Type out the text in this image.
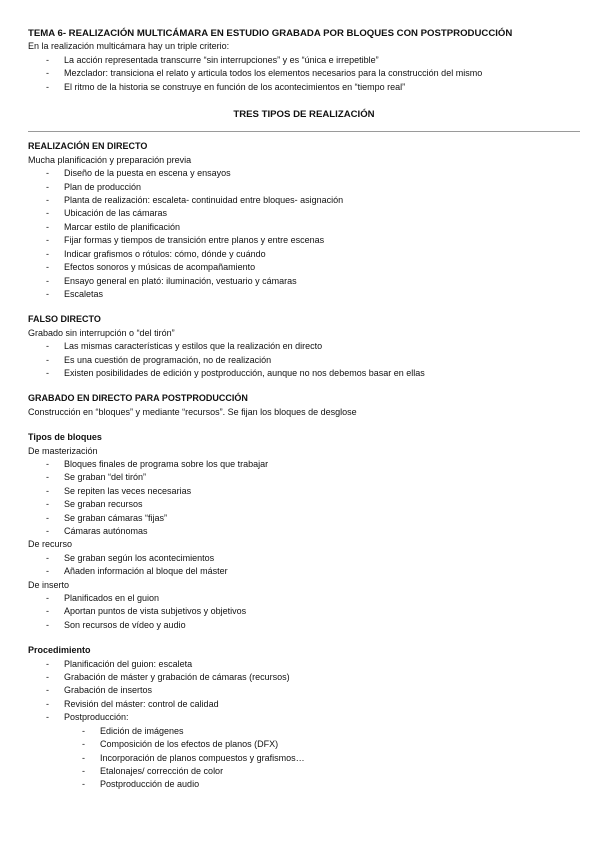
TEMA 6- REALIZACIÓN MULTICÁMARA EN ESTUDIO GRABADA POR BLOQUES CON POSTPRODUCCIÓN

En la realización multicámara hay un triple criterio:

- La acción representada transcurre “sin interrupciones” y es “única e irrepetible”
- Mezclador: transiciona el relato y articula todos los elementos necesarios para la construcción del mismo
- El ritmo de la historia se construye en función de los acontecimientos en “tiempo real”

TRES TIPOS DE REALIZACIÓN

REALIZACIÓN EN DIRECTO

Mucha planificación y preparación previa

- Diseño de la puesta en escena y ensayos
- Plan de producción
- Planta de realización: escaleta- continuidad entre bloques- asignación
- Ubicación de las cámaras
- Marcar estilo de planificación
- Fijar formas y tiempos de transición entre planos y entre escenas
- Indicar grafismos o rótulos: cómo, dónde y cuándo
- Efectos sonoros y músicas de acompañamiento
- Ensayo general en plató: iluminación, vestuario y cámaras
- Escaletas
FALSO DIRECTO

Grabado sin interrupción o “del tirón”

- Las mismas características y estilos que la realización en directo
- Es una cuestión de programación, no de realización
- Existen posibilidades de edición y postproducción, aunque no nos debemos basar en ellas
GRABADO EN DIRECTO PARA POSTPRODUCCIÓN

Construcción en “bloques” y mediante “recursos”. Se fijan los bloques de desglose

Tipos de bloques

De masterización

- Bloques finales de programa sobre los que trabajar
- Se graban “del tirón”
- Se repiten las veces necesarias
- Se graban recursos
- Se graban cámaras “fijas”
- Cámaras autónomas

De recurso

- Se graban según los acontecimientos
- Añaden información al bloque del máster

De inserto

- Planificados en el guion
- Aportan puntos de vista subjetivos y objetivos
- Son recursos de vídeo y audio
Procedimiento
- Planificación del guion: escaleta
- Grabación de máster y grabación de cámaras (recursos)
- Grabación de insertos
- Revisión del máster: control de calidad
- Postproducción:
- Edición de imágenes
- Composición de los efectos de planos (DFX)
- Incorporación de planos compuestos y grafismos…
- Etalonajes/ corrección de color
- Postproducción de audio
